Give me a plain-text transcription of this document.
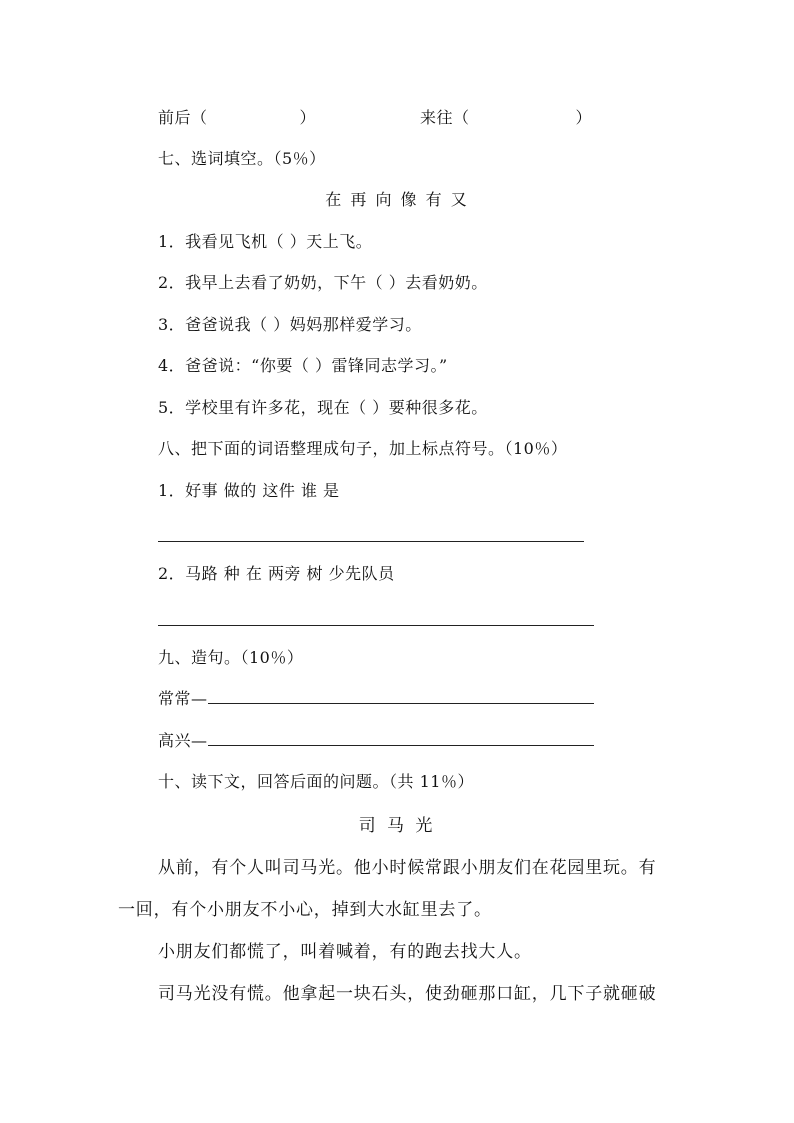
前后（	）	来往（	）
七、选词填空。（5％）
在 再 向 像 有 又
1．我看见飞机（ ）天上飞。
2．我早上去看了奶奶，下午（ ）去看奶奶。
3．爸爸说我（ ）妈妈那样爱学习。
4．爸爸说：“你要（ ）雷锋同志学习。”
5．学校里有许多花，现在（ ）要种很多花。
八、把下面的词语整理成句子，加上标点符号。（10％）
1．好事 做的 这件 谁 是
2．马路 种 在 两旁 树 少先队员
九、造句。（10％）
常常—
高兴—
十、读下文，回答后面的问题。（共 11％）
司 马 光
从前，有个人叫司马光。他小时候常跟小朋友们在花园里玩。有
一回，有个小朋友不小心，掉到大水缸里去了。
小朋友们都慌了，叫着喊着，有的跑去找大人。
司马光没有慌。他拿起一块石头，使劲砸那口缸，几下子就砸破
